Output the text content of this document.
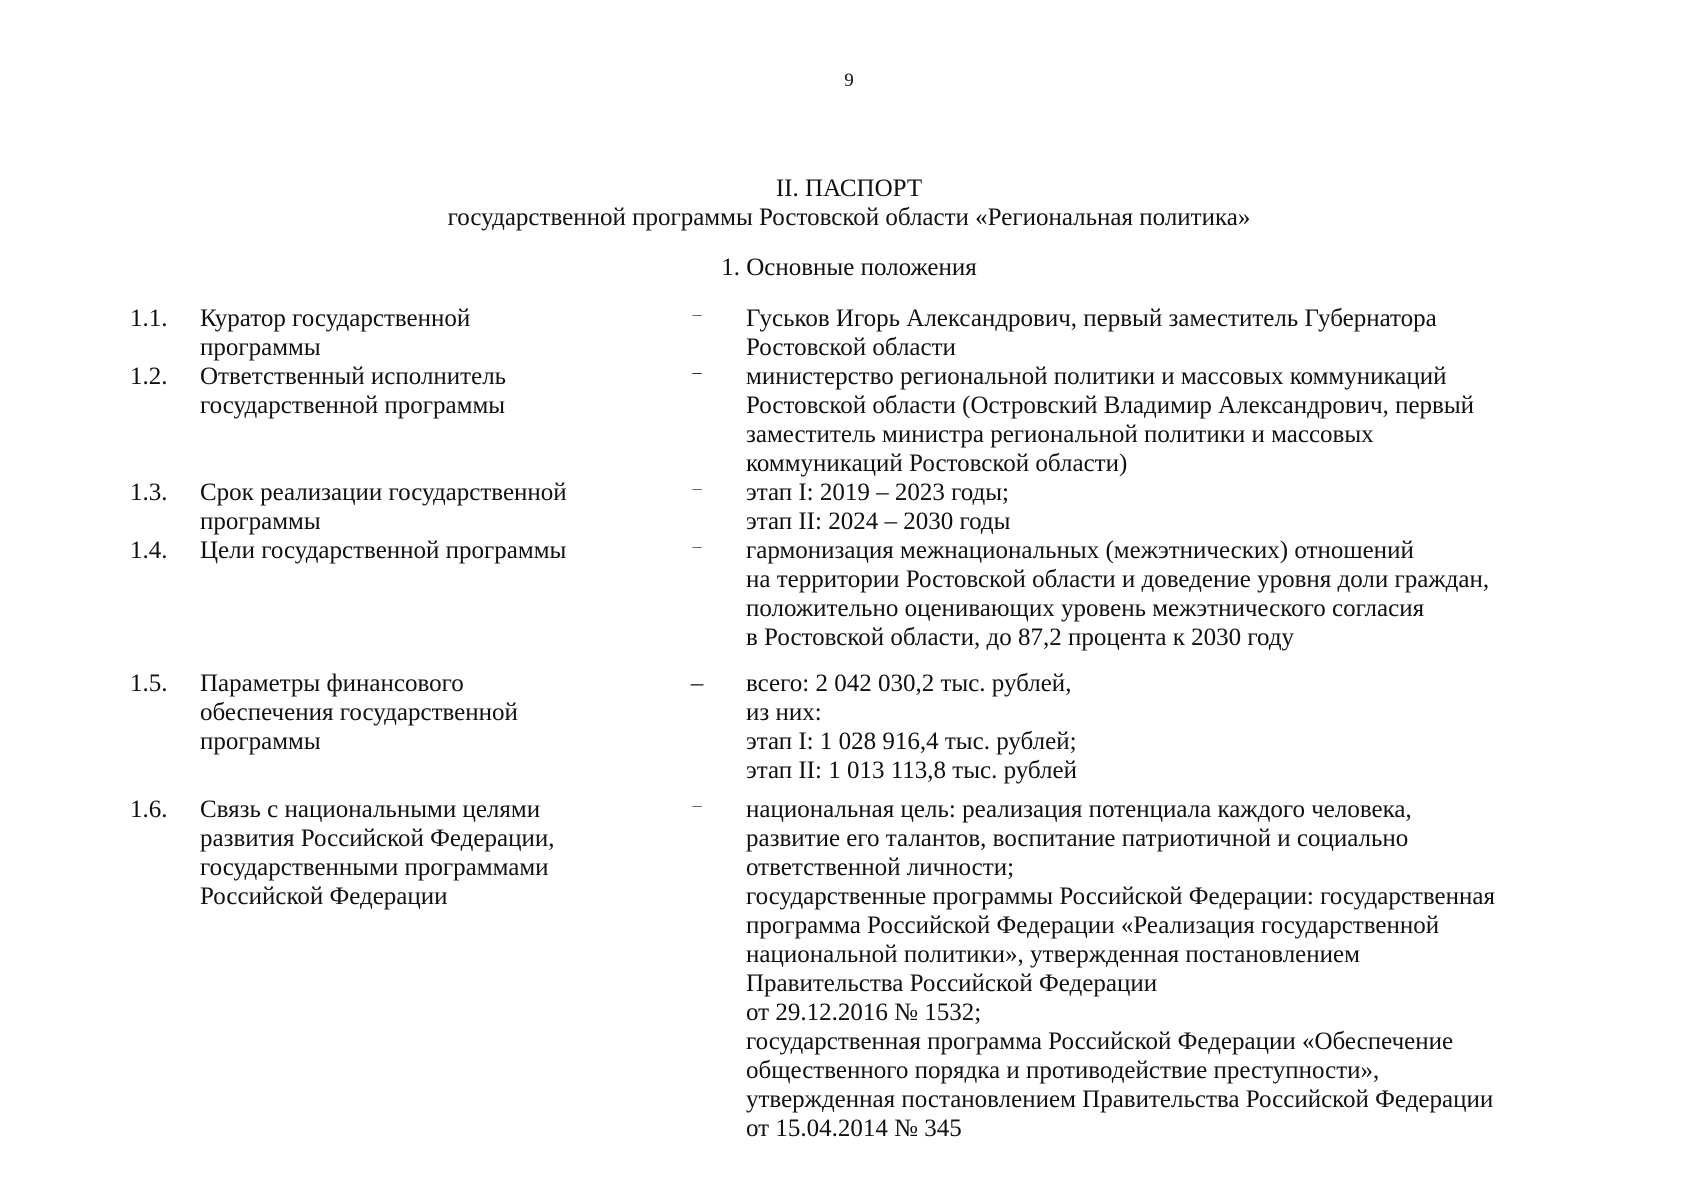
9
II. ПАСПОРТ
государственной программы Ростовской области «Региональная политика»
1. Основные положения
1.1.	Куратор государственной
программы
–	Гуськов Игорь Александрович, первый заместитель Губернатора
Ростовской области
1.2.	Ответственный исполнитель
государственной программы
–	министерство региональной политики и массовых коммуникаций
Ростовской области (Островский Владимир Александрович, первый
заместитель министра региональной политики и массовых
коммуникаций Ростовской области)
1.3.	Срок реализации государственной
программы
–	этап I: 2019 – 2023 годы;
этап II: 2024 – 2030 годы
1.4.	Цели государственной программы	–	гармонизация межнациональных (межэтнических) отношений
на территории Ростовской области и доведение уровня доли граждан,
положительно оценивающих уровень межэтнического согласия
в Ростовской области, до 87,2 процента к 2030 году
1.5.	Параметры финансового
обеспечения государственной
программы
–	всего: 2 042 030,2 тыс. рублей,
из них:
этап I: 1 028 916,4 тыс. рублей;
этап II: 1 013 113,8 тыс. рублей
1.6.	Связь с национальными целями
развития Российской Федерации,
государственными программами
Российской Федерации
–	национальная цель: реализация потенциала каждого человека,
развитие его талантов, воспитание патриотичной и социально
ответственной личности;
государственные программы Российской Федерации: государственная
программа Российской Федерации «Реализация государственной
национальной политики», утвержденная постановлением
Правительства Российской Федерации
от 29.12.2016 № 1532;
государственная программа Российской Федерации «Обеспечение
общественного порядка и противодействие преступности»,
утвержденная постановлением Правительства Российской Федерации
от 15.04.2014 № 345
